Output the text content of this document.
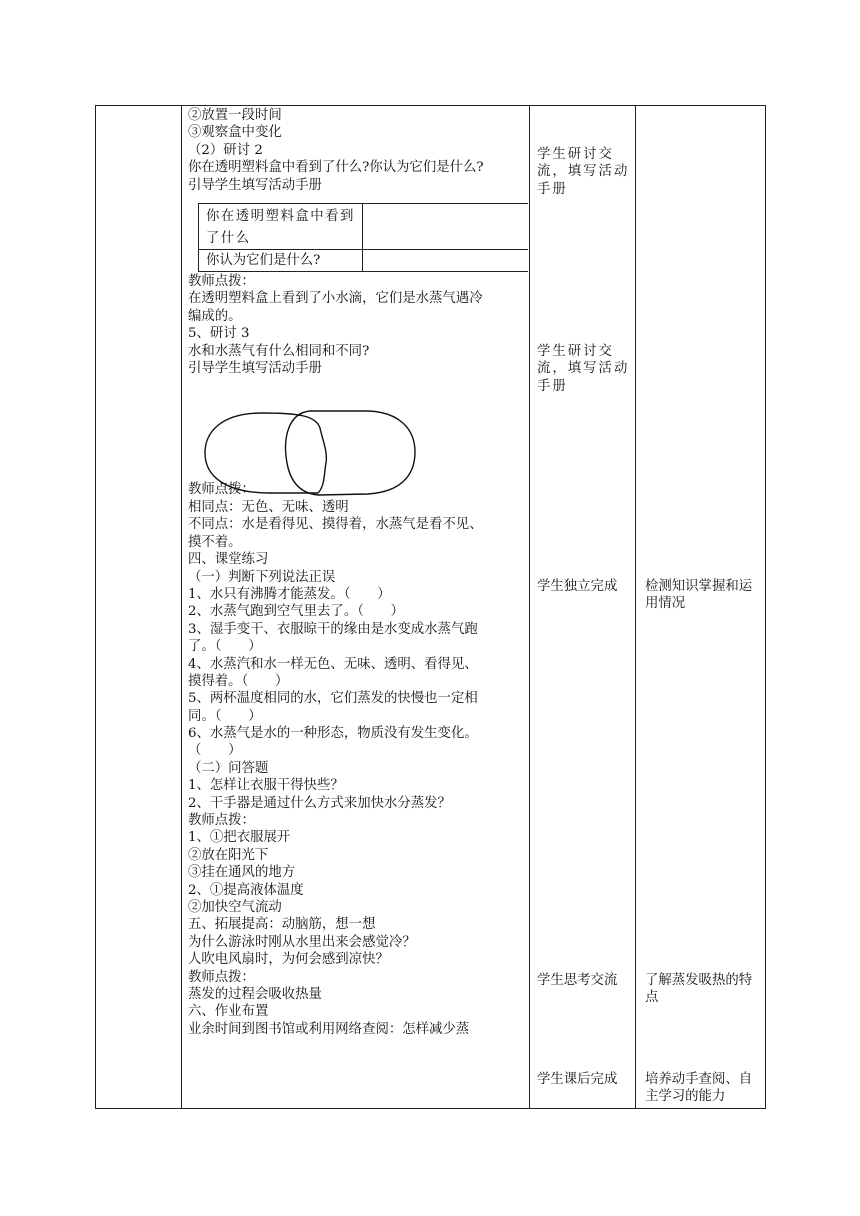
②放置一段时间
③观察盒中变化
（2）研讨 2
你在透明塑料盒中看到了什么?你认为它们是什么?
引导学生填写活动手册
你在透明塑料盒中看到了什么
你认为它们是什么?
教师点拨：
在透明塑料盒上看到了小水滴，它们是水蒸气遇冷
编成的。
5、研讨 3
水和水蒸气有什么相同和不同?
引导学生填写活动手册
教师点拨：
相同点：无色、无味、透明
不同点：水是看得见、摸得着，水蒸气是看不见、
摸不着。
四、课堂练习
（一）判断下列说法正误
1、水只有沸腾才能蒸发。（　　）
2、水蒸气跑到空气里去了。（　　）
3、湿手变干、衣服晾干的缘由是水变成水蒸气跑
了。（　　）
4、水蒸汽和水一样无色、无味、透明、看得见、
摸得着。（　　）
5、两杯温度相同的水，它们蒸发的快慢也一定相
同。（　　）
6、水蒸气是水的一种形态，物质没有发生变化。
（　　）
（二）问答题
1、怎样让衣服干得快些？
2、干手器是通过什么方式来加快水分蒸发？
教师点拨：
1、①把衣服展开
②放在阳光下
③挂在通风的地方
2、①提高液体温度
②加快空气流动
五、拓展提高：动脑筋，想一想
为什么游泳时刚从水里出来会感觉冷？
人吹电风扇时，为何会感到凉快？
教师点拨：
蒸发的过程会吸收热量
六、作业布置
业余时间到图书馆或利用网络查阅：怎样减少蒸
学生研讨交流，填写活动手册
学生研讨交流，填写活动手册
学生独立完成
学生思考交流
学生课后完成
检测知识掌握和运用情况
了解蒸发吸热的特点
培养动手查阅、自主学习的能力
